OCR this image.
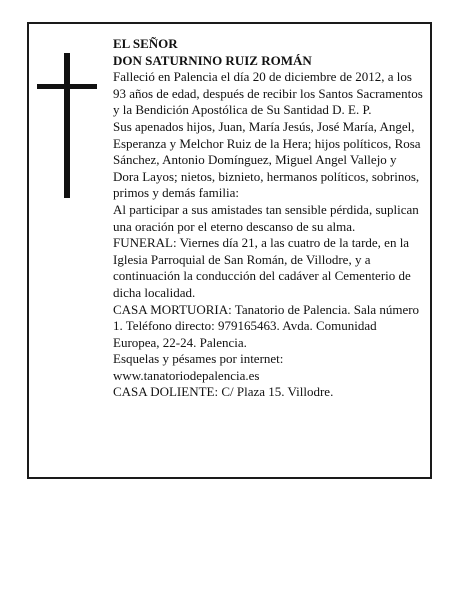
EL SEÑOR

DON SATURNINO RUIZ ROMÁN

Falleció en Palencia el día 20 de diciembre de 2012, a los 93 años de edad, después de recibir los Santos Sacramentos y la Bendición Apostólica de Su Santidad D. E. P.

Sus apenados hijos, Juan, María Jesús, José María, Angel, Esperanza y Melchor Ruiz de la Hera; hijos políticos, Rosa Sánchez, Antonio Domínguez, Miguel Angel Vallejo y Dora Layos; nietos, biznieto, hermanos políticos, sobrinos, primos y demás familia:

Al participar a sus amistades tan sensible pérdida, suplican una oración por el eterno descanso de su alma.

FUNERAL: Viernes día 21, a las cuatro de la tarde, en la Iglesia Parroquial de San Román, de Villodre, y a continuación la conducción del cadáver al Cementerio de dicha localidad.

CASA MORTUORIA: Tanatorio de Palencia. Sala número 1. Teléfono directo: 979165463. Avda. Comunidad Europea, 22-24. Palencia.

Esquelas y pésames por internet: www.tanatoriodepalencia.es

CASA DOLIENTE: C/ Plaza 15. Villodre.
